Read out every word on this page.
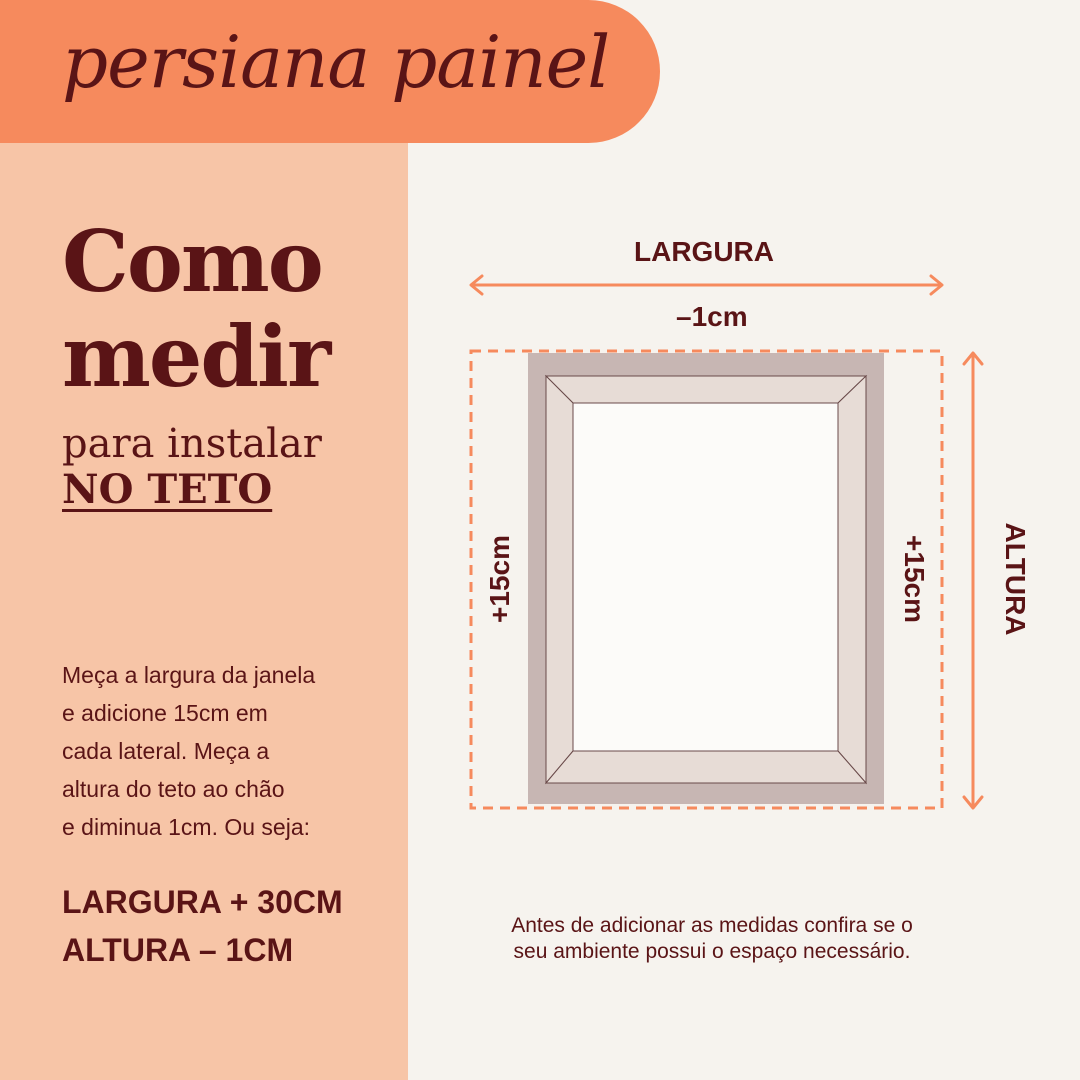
persiana painel
Como
medir
para instalar
NO TETO
Meça a largura da janela
e adicione 15cm em
cada lateral. Meça a
altura do teto ao chão
e diminua 1cm. Ou seja:
LARGURA + 30CM
ALTURA – 1CM
LARGURA
–1cm
+15cm	+15cm	ALTURA
Antes de adicionar as medidas confira se o
seu ambiente possui o espaço necessário.
